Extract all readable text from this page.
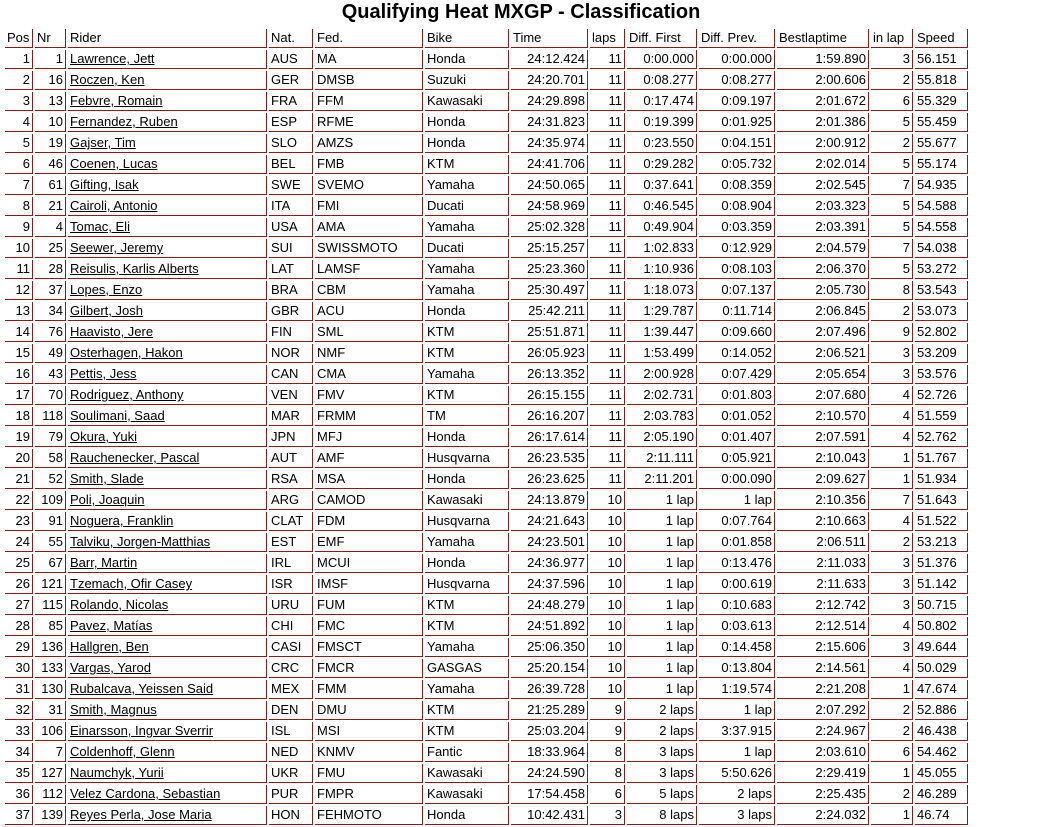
Qualifying Heat MXGP - Classification
Pos	Nr	Rider	Nat.	Fed.	Bike	Time	laps	Diff. First	Diff. Prev.	Bestlaptime	in lap	Speed
1	1	Lawrence, Jett	AUS	MA	Honda	24:12.424	11	0:00.000	0:00.000	1:59.890	3	56.151
2	16	Roczen, Ken	GER	DMSB	Suzuki	24:20.701	11	0:08.277	0:08.277	2:00.606	2	55.818
3	13	Febvre, Romain	FRA	FFM	Kawasaki	24:29.898	11	0:17.474	0:09.197	2:01.672	6	55.329
4	10	Fernandez, Ruben	ESP	RFME	Honda	24:31.823	11	0:19.399	0:01.925	2:01.386	5	55.459
5	19	Gajser, Tim	SLO	AMZS	Honda	24:35.974	11	0:23.550	0:04.151	2:00.912	2	55.677
6	46	Coenen, Lucas	BEL	FMB	KTM	24:41.706	11	0:29.282	0:05.732	2:02.014	5	55.174
7	61	Gifting, Isak	SWE	SVEMO	Yamaha	24:50.065	11	0:37.641	0:08.359	2:02.545	7	54.935
8	21	Cairoli, Antonio	ITA	FMI	Ducati	24:58.969	11	0:46.545	0:08.904	2:03.323	5	54.588
9	4	Tomac, Eli	USA	AMA	Yamaha	25:02.328	11	0:49.904	0:03.359	2:03.391	5	54.558
10	25	Seewer, Jeremy	SUI	SWISSMOTO	Ducati	25:15.257	11	1:02.833	0:12.929	2:04.579	7	54.038
11	28	Reisulis, Karlis Alberts	LAT	LAMSF	Yamaha	25:23.360	11	1:10.936	0:08.103	2:06.370	5	53.272
12	37	Lopes, Enzo	BRA	CBM	Yamaha	25:30.497	11	1:18.073	0:07.137	2:05.730	8	53.543
13	34	Gilbert, Josh	GBR	ACU	Honda	25:42.211	11	1:29.787	0:11.714	2:06.845	2	53.073
14	76	Haavisto, Jere	FIN	SML	KTM	25:51.871	11	1:39.447	0:09.660	2:07.496	9	52.802
15	49	Osterhagen, Hakon	NOR	NMF	KTM	26:05.923	11	1:53.499	0:14.052	2:06.521	3	53.209
16	43	Pettis, Jess	CAN	CMA	Yamaha	26:13.352	11	2:00.928	0:07.429	2:05.654	3	53.576
17	70	Rodriguez, Anthony	VEN	FMV	KTM	26:15.155	11	2:02.731	0:01.803	2:07.680	4	52.726
18	118	Soulimani, Saad	MAR	FRMM	TM	26:16.207	11	2:03.783	0:01.052	2:10.570	4	51.559
19	79	Okura, Yuki	JPN	MFJ	Honda	26:17.614	11	2:05.190	0:01.407	2:07.591	4	52.762
20	58	Rauchenecker, Pascal	AUT	AMF	Husqvarna	26:23.535	11	2:11.111	0:05.921	2:10.043	1	51.767
21	52	Smith, Slade	RSA	MSA	Honda	26:23.625	11	2:11.201	0:00.090	2:09.627	1	51.934
22	109	Poli, Joaquin	ARG	CAMOD	Kawasaki	24:13.879	10	1 lap	1 lap	2:10.356	7	51.643
23	91	Noguera, Franklin	CLAT	FDM	Husqvarna	24:21.643	10	1 lap	0:07.764	2:10.663	4	51.522
24	55	Talviku, Jorgen-Matthias	EST	EMF	Yamaha	24:23.501	10	1 lap	0:01.858	2:06.511	2	53.213
25	67	Barr, Martin	IRL	MCUI	Honda	24:36.977	10	1 lap	0:13.476	2:11.033	3	51.376
26	121	Tzemach, Ofir Casey	ISR	IMSF	Husqvarna	24:37.596	10	1 lap	0:00.619	2:11.633	3	51.142
27	115	Rolando, Nicolas	URU	FUM	KTM	24:48.279	10	1 lap	0:10.683	2:12.742	3	50.715
28	85	Pavez, Matías	CHI	FMC	KTM	24:51.892	10	1 lap	0:03.613	2:12.514	4	50.802
29	136	Hallgren, Ben	CASI	FMSCT	Yamaha	25:06.350	10	1 lap	0:14.458	2:15.606	3	49.644
30	133	Vargas, Yarod	CRC	FMCR	GASGAS	25:20.154	10	1 lap	0:13.804	2:14.561	4	50.029
31	130	Rubalcava, Yeissen Said	MEX	FMM	Yamaha	26:39.728	10	1 lap	1:19.574	2:21.208	1	47.674
32	31	Smith, Magnus	DEN	DMU	KTM	21:25.289	9	2 laps	1 lap	2:07.292	2	52.886
33	106	Einarsson, Ingvar Sverrir	ISL	MSI	KTM	25:03.204	9	2 laps	3:37.915	2:24.967	2	46.438
34	7	Coldenhoff, Glenn	NED	KNMV	Fantic	18:33.964	8	3 laps	1 lap	2:03.610	6	54.462
35	127	Naumchyk, Yurii	UKR	FMU	Kawasaki	24:24.590	8	3 laps	5:50.626	2:29.419	1	45.055
36	112	Velez Cardona, Sebastian	PUR	FMPR	Kawasaki	17:54.458	6	5 laps	2 laps	2:25.435	2	46.289
37	139	Reyes Perla, Jose Maria	HON	FEHMOTO	Honda	10:42.431	3	8 laps	3 laps	2:24.032	1	46.74
